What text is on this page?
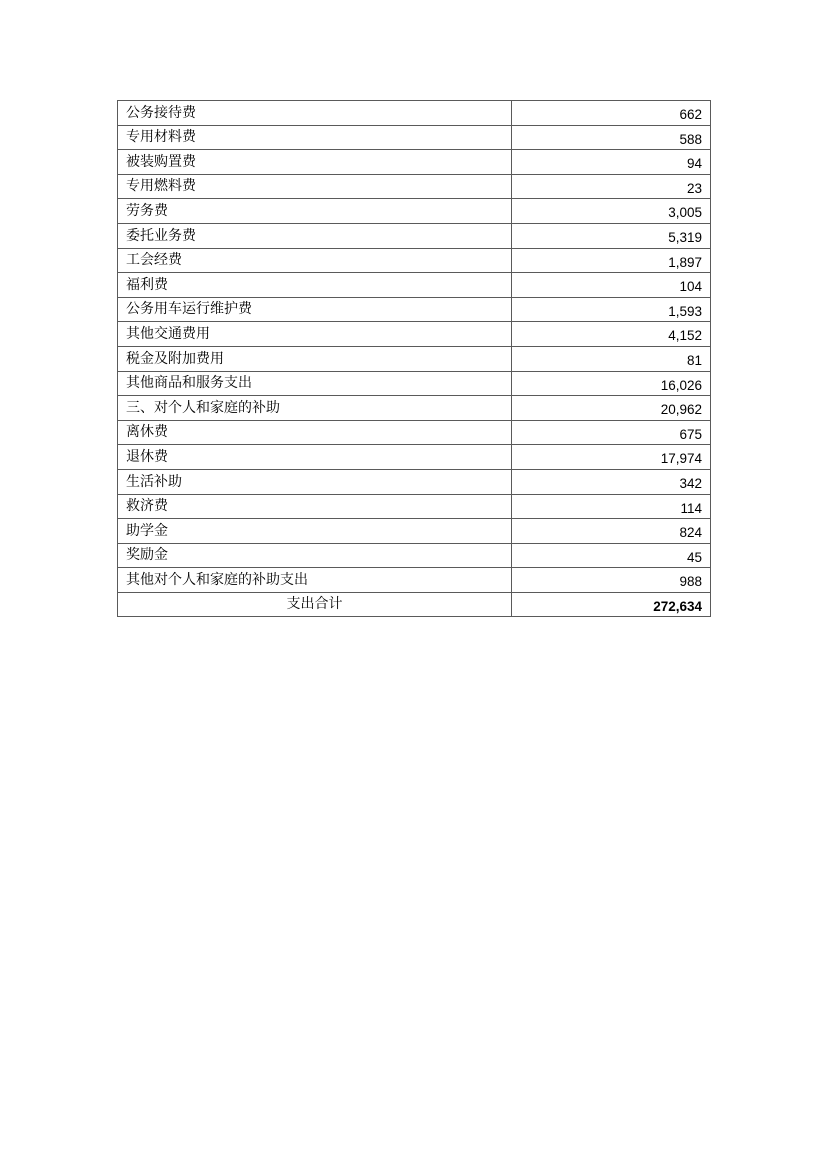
公务接待费	662
专用材料费	588
被装购置费	94
专用燃料费	23
劳务费	3,005
委托业务费	5,319
工会经费	1,897
福利费	104
公务用车运行维护费	1,593
其他交通费用	4,152
税金及附加费用	81
其他商品和服务支出	16,026
三、对个人和家庭的补助	20,962
离休费	675
退休费	17,974
生活补助	342
救济费	114
助学金	824
奖励金	45
其他对个人和家庭的补助支出	988
支出合计	272,634
